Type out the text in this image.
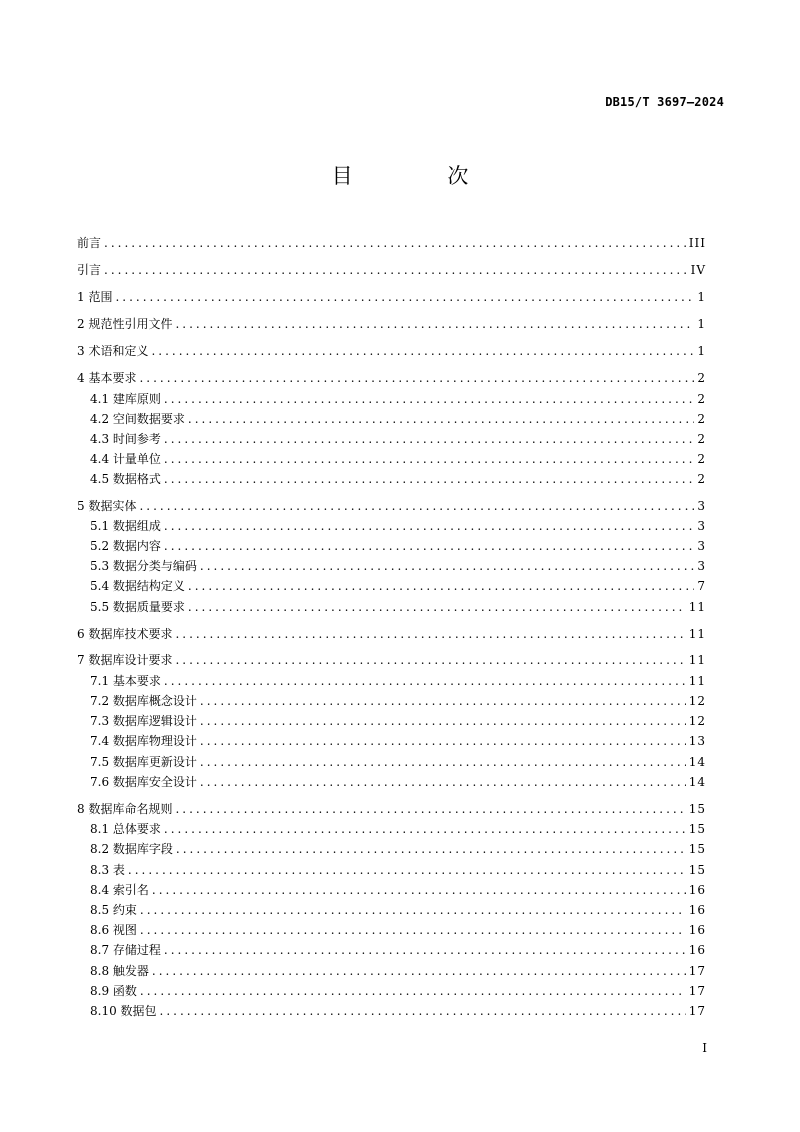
DB15/T 3697—2024
目 次
前言 .....	III
引言 .....	IV
1 范围 .....	1
2 规范性引用文件 .....	1
3 术语和定义 .....	1
4 基本要求 .....	2
4.1 建库原则 .....	2
4.2 空间数据要求 .....	2
4.3 时间参考 .....	2
4.4 计量单位 .....	2
4.5 数据格式 .....	2
5 数据实体 .....	3
5.1 数据组成 .....	3
5.2 数据内容 .....	3
5.3 数据分类与编码 .....	3
5.4 数据结构定义 .....	7
5.5 数据质量要求 .....	11
6 数据库技术要求 .....	11
7 数据库设计要求 .....	11
7.1 基本要求 .....	11
7.2 数据库概念设计 .....	12
7.3 数据库逻辑设计 .....	12
7.4 数据库物理设计 .....	13
7.5 数据库更新设计 .....	14
7.6 数据库安全设计 .....	14
8 数据库命名规则 .....	15
8.1 总体要求 .....	15
8.2 数据库字段 .....	15
8.3 表 .....	15
8.4 索引名 .....	16
8.5 约束 .....	16
8.6 视图 .....	16
8.7 存储过程 .....	16
8.8 触发器 .....	17
8.9 函数 .....	17
8.10 数据包 .....	17
I
